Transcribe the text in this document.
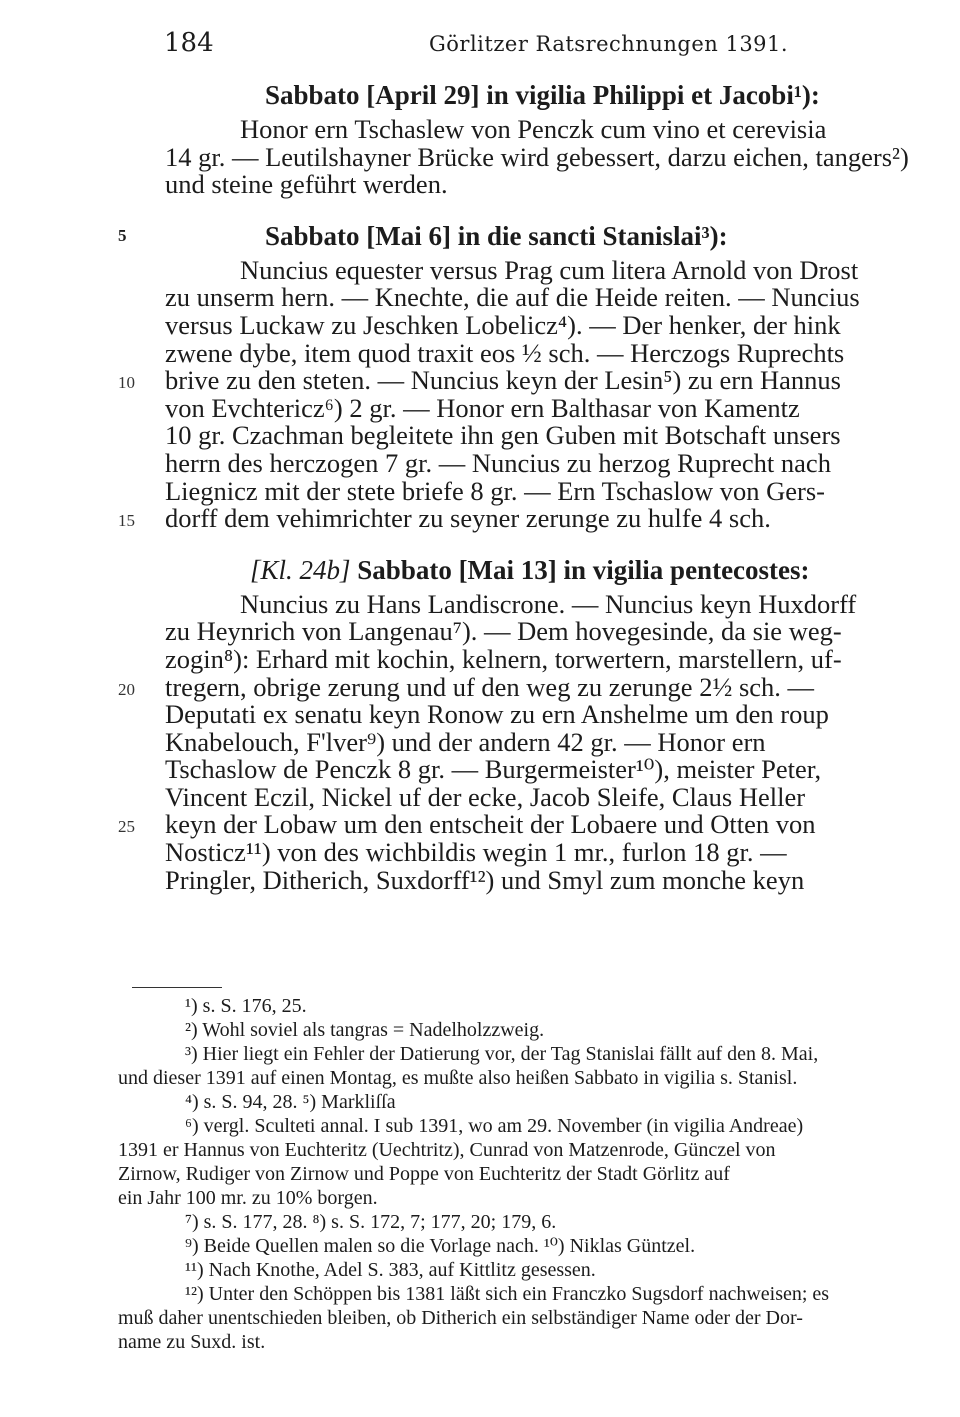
184	Görlitzer Ratsrechnungen 1391.

Sabbato [April 29] in vigilia Philippi et Jacobi¹):

Honor ern Tschaslew von Penczk cum vino et cerevisia

14 gr. — Leutilshayner Brücke wird gebessert, darzu eichen, tangers²)

und steine geführt werden.

Sabbato [Mai 6] in die sancti Stanislai³):
5

Nuncius equester versus Prag cum litera Arnold von Drost

zu unserm hern. — Knechte, die auf die Heide reiten. — Nuncius

versus Luckaw zu Jeschken Lobelicz⁴). — Der henker, der hink

zwene dybe, item quod traxit eos ½ sch. — Herczogs Ruprechts

10 brive zu den steten. — Nuncius keyn der Lesin⁵) zu ern Hannus

von Evchtericz⁶) 2 gr. — Honor ern Balthasar von Kamentz

10 gr. Czachman begleitete ihn gen Guben mit Botschaft unsers

herrn des herczogen 7 gr. — Nuncius zu herzog Ruprecht nach

Liegnicz mit der stete briefe 8 gr. — Ern Tschaslow von Gers-

15 dorff dem vehimrichter zu seyner zerunge zu hulfe 4 sch.

[Kl. 24b] Sabbato [Mai 13] in vigilia pentecostes:

Nuncius zu Hans Landiscrone. — Nuncius keyn Huxdorff

zu Heynrich von Langenau⁷). — Dem hovegesinde, da sie weg-

zogin⁸): Erhard mit kochin, kelnern, torwertern, marstellern, uf-

20 tregern, obrige zerung und uf den weg zu zerunge 2½ sch. —

Deputati ex senatu keyn Ronow zu ern Anshelme um den roup

Knabelouch, F'lver⁹) und der andern 42 gr. — Honor ern

Tschaslow de Penczk 8 gr. — Burgermeister¹⁰), meister Peter,

Vincent Eczil, Nickel uf der ecke, Jacob Sleife, Claus Heller

25 keyn der Lobaw um den entscheit der Lobaere und Otten von

Nosticz¹¹) von des wichbildis wegin 1 mr., furlon 18 gr. —

Pringler, Ditherich, Suxdorff¹²) und Smyl zum monche keyn

¹) s. S. 176, 25.

²) Wohl soviel als tangras = Nadelholzzweig.

³) Hier liegt ein Fehler der Datierung vor, der Tag Stanislai fällt auf den 8. Mai,

und dieser 1391 auf einen Montag, es mußte also heißen Sabbato in vigilia s. Stanisl.

⁴) s. S. 94, 28. ⁵) Markliſſa

⁶) vergl. Sculteti annal. I sub 1391, wo am 29. November (in vigilia Andreae)

1391 er Hannus von Euchteritz (Uechtritz), Cunrad von Matzenrode, Günczel von

Zirnow, Rudiger von Zirnow und Poppe von Euchteritz der Stadt Görlitz auf

ein Jahr 100 mr. zu 10% borgen.

⁷) s. S. 177, 28. ⁸) s. S. 172, 7; 177, 20; 179, 6.

⁹) Beide Quellen malen so die Vorlage nach. ¹⁰) Niklas Güntzel.

¹¹) Nach Knothe, Adel S. 383, auf Kittlitz gesessen.

¹²) Unter den Schöppen bis 1381 läßt sich ein Franczko Sugsdorf nachweisen; es

muß daher unentschieden bleiben, ob Ditherich ein selbständiger Name oder der Dor-

name zu Suxd. ist.
